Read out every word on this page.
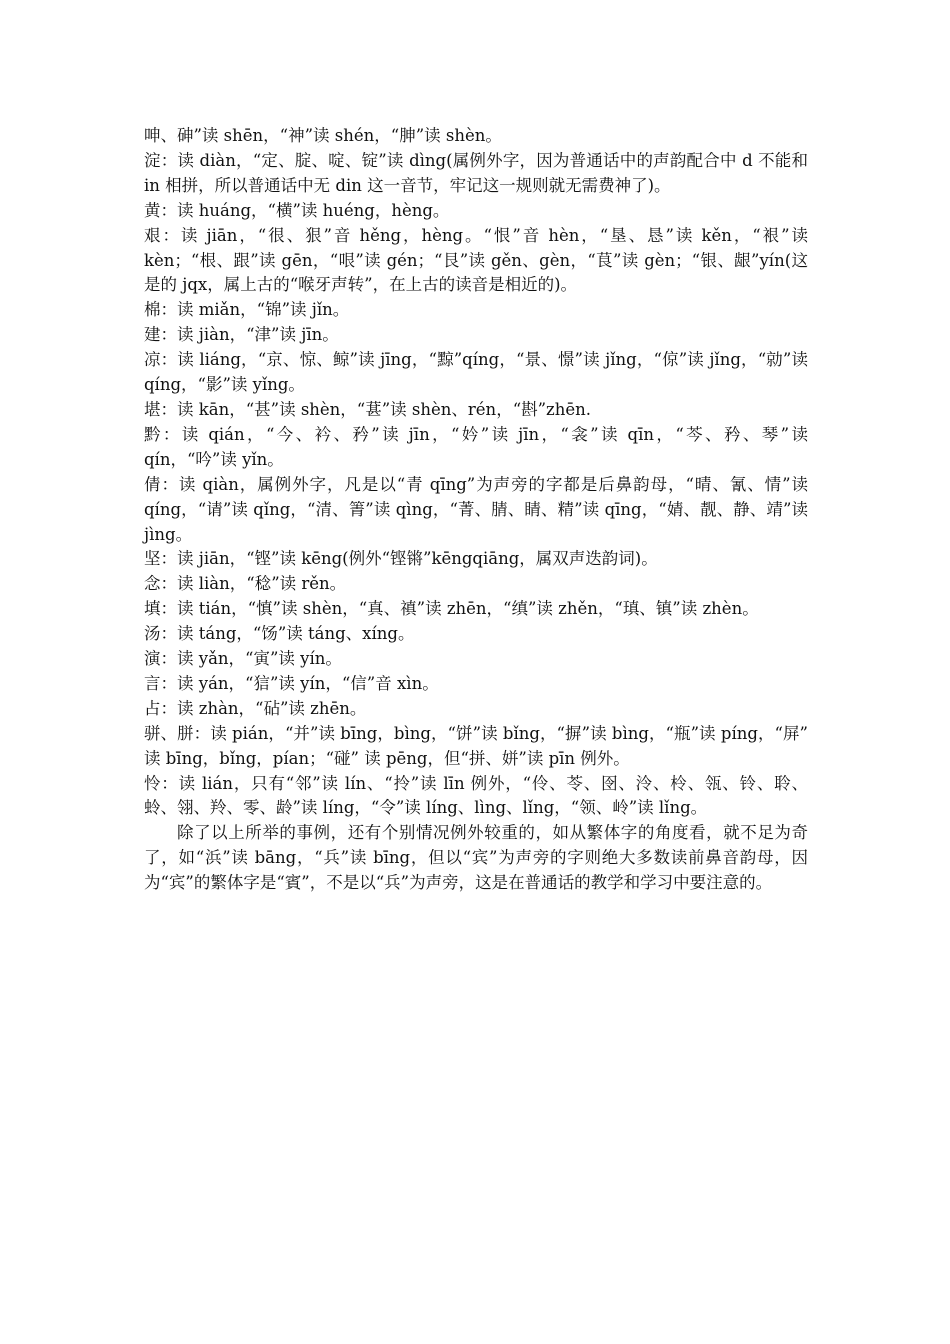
呻、砷”读 shēn，“神”读 shén，“胂”读 shèn。

淀：读 diàn，“定、腚、啶、锭”读 dìng(属例外字，因为普通话中的声韵配合中 d 不能和 in 相拼，所以普通话中无 din 这一音节，牢记这一规则就无需费神了)。

黄：读 huáng，“横”读 huéng，hèng。

艰：读 jiān，“很、狠”音 hěng，hèng。“恨”音 hèn，“垦、恳”读 kěn，“裉”读 kèn；“根、跟”读 gēn，“哏”读 gén；“艮”读 gěn、gèn，“茛”读 gèn；“银、龈”yín(这是的 jqx，属上古的“喉牙声转”，在上古的读音是相近的)。

棉：读 miǎn，“锦”读 jǐn。

建：读 jiàn，“津”读 jīn。

凉：读 liáng，“京、惊、鲸”读 jīng，“黥”qíng，“景、憬”读 jǐng，“倞”读 jǐng，“勍”读 qíng，“影”读 yǐng。

堪：读 kān，“甚”读 shèn，“葚”读 shèn、rén，“斟”zhēn.

黔：读 qián，“今、衿、矜”读 jīn，“妗”读 jīn，“衾”读 qīn，“芩、矜、琴”读 qín，“吟”读 yǐn。

倩：读 qiàn，属例外字，凡是以“青 qīng”为声旁的字都是后鼻韵母，“晴、氰、情”读 qíng，“请”读 qǐng，“清、箐”读 qìng，“菁、腈、睛、精”读 qīng，“婧、靓、静、靖”读 jìng。

坚：读 jiān，“铿”读 kēng(例外“铿锵”kēngqiāng，属双声迭韵词)。

念：读 liàn，“稔”读 rěn。

填：读 tián，“慎”读 shèn，“真、禛”读 zhēn，“缜”读 zhěn，“瑱、镇”读 zhèn。

汤：读 táng，“饧”读 táng、xíng。

演：读 yǎn，“寅”读 yín。

言：读 yán，“狺”读 yín，“信”音 xìn。

占：读 zhàn，“砧”读 zhēn。

骈、胼：读 pián，“并”读 bīng，bìng，“饼”读 bǐng，“摒”读 bìng，“瓶”读 píng，“屏” 读 bīng，bǐng，pían；“碰” 读 pēng，但“拼、姘”读 pīn 例外。

怜：读 lián，只有“邻”读 lín、“拎”读 līn 例外，“伶、苓、囹、泠、柃、瓴、铃、聆、蛉、翎、羚、零、龄”读 líng，“令”读 líng、lìng、lǐng，“领、岭”读 lǐng。

除了以上所举的事例，还有个别情况例外较重的，如从繁体字的角度看，就不足为奇了，如“浜”读 bāng，“兵”读 bīng，但以“宾”为声旁的字则绝大多数读前鼻音韵母，因为“宾”的繁体字是“賓”，不是以“兵”为声旁，这是在普通话的教学和学习中要注意的。
